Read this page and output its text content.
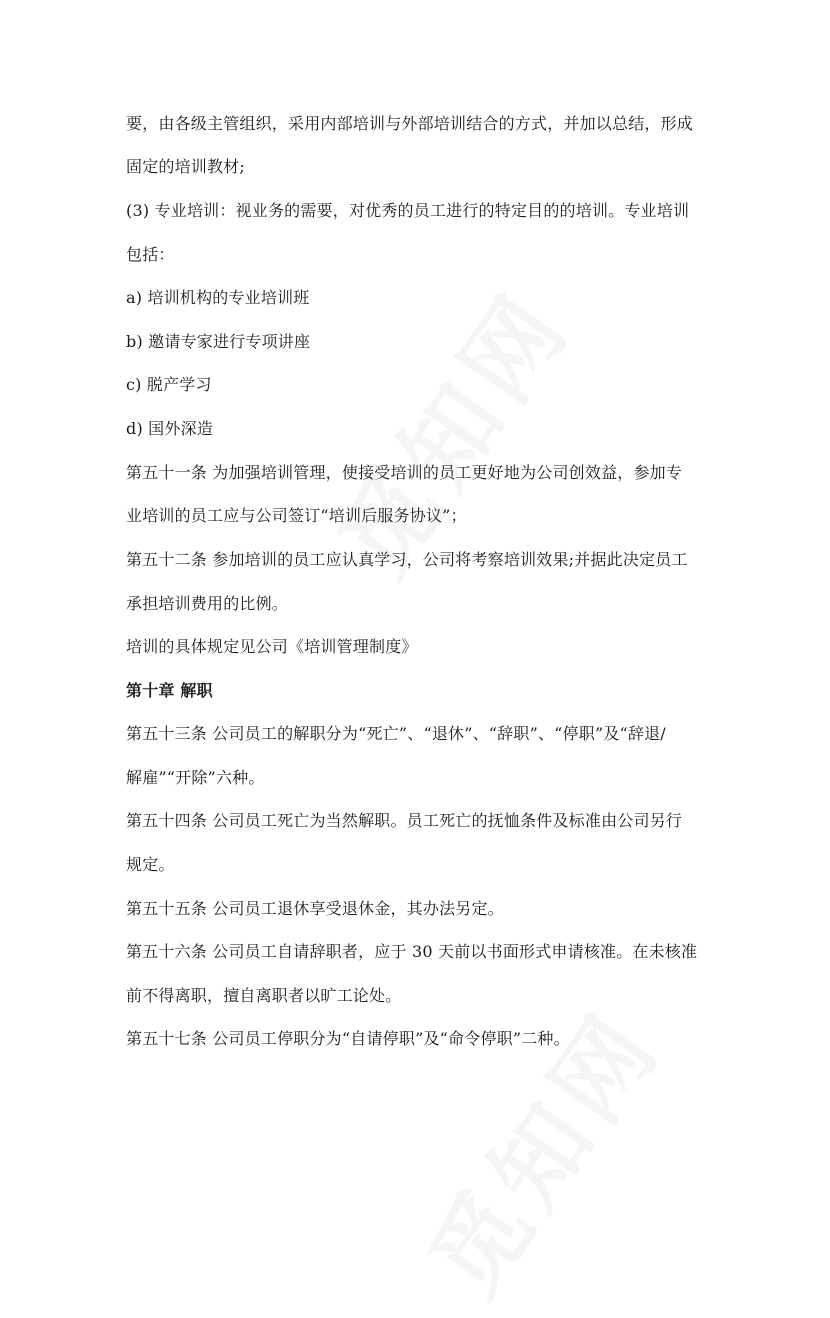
要，由各级主管组织，采用内部培训与外部培训结合的方式，并加以总结，形成
固定的培训教材;
(3) 专业培训：视业务的需要，对优秀的员工进行的特定目的的培训。专业培训
包括：
a) 培训机构的专业培训班
b) 邀请专家进行专项讲座
c) 脱产学习
d) 国外深造
第五十一条 为加强培训管理，使接受培训的员工更好地为公司创效益，参加专
业培训的员工应与公司签订“培训后服务协议”；
第五十二条 参加培训的员工应认真学习，公司将考察培训效果;并据此决定员工
承担培训费用的比例。
培训的具体规定见公司《培训管理制度》
第十章 解职
第五十三条 公司员工的解职分为“死亡”、“退休”、“辞职”、“停职”及“辞退/
解雇”“开除”六种。
第五十四条 公司员工死亡为当然解职。员工死亡的抚恤条件及标准由公司另行
规定。
第五十五条 公司员工退休享受退休金，其办法另定。
第五十六条 公司员工自请辞职者，应于 30 天前以书面形式申请核准。在未核准
前不得离职，擅自离职者以旷工论处。
第五十七条 公司员工停职分为“自请停职”及“命令停职”二种。
